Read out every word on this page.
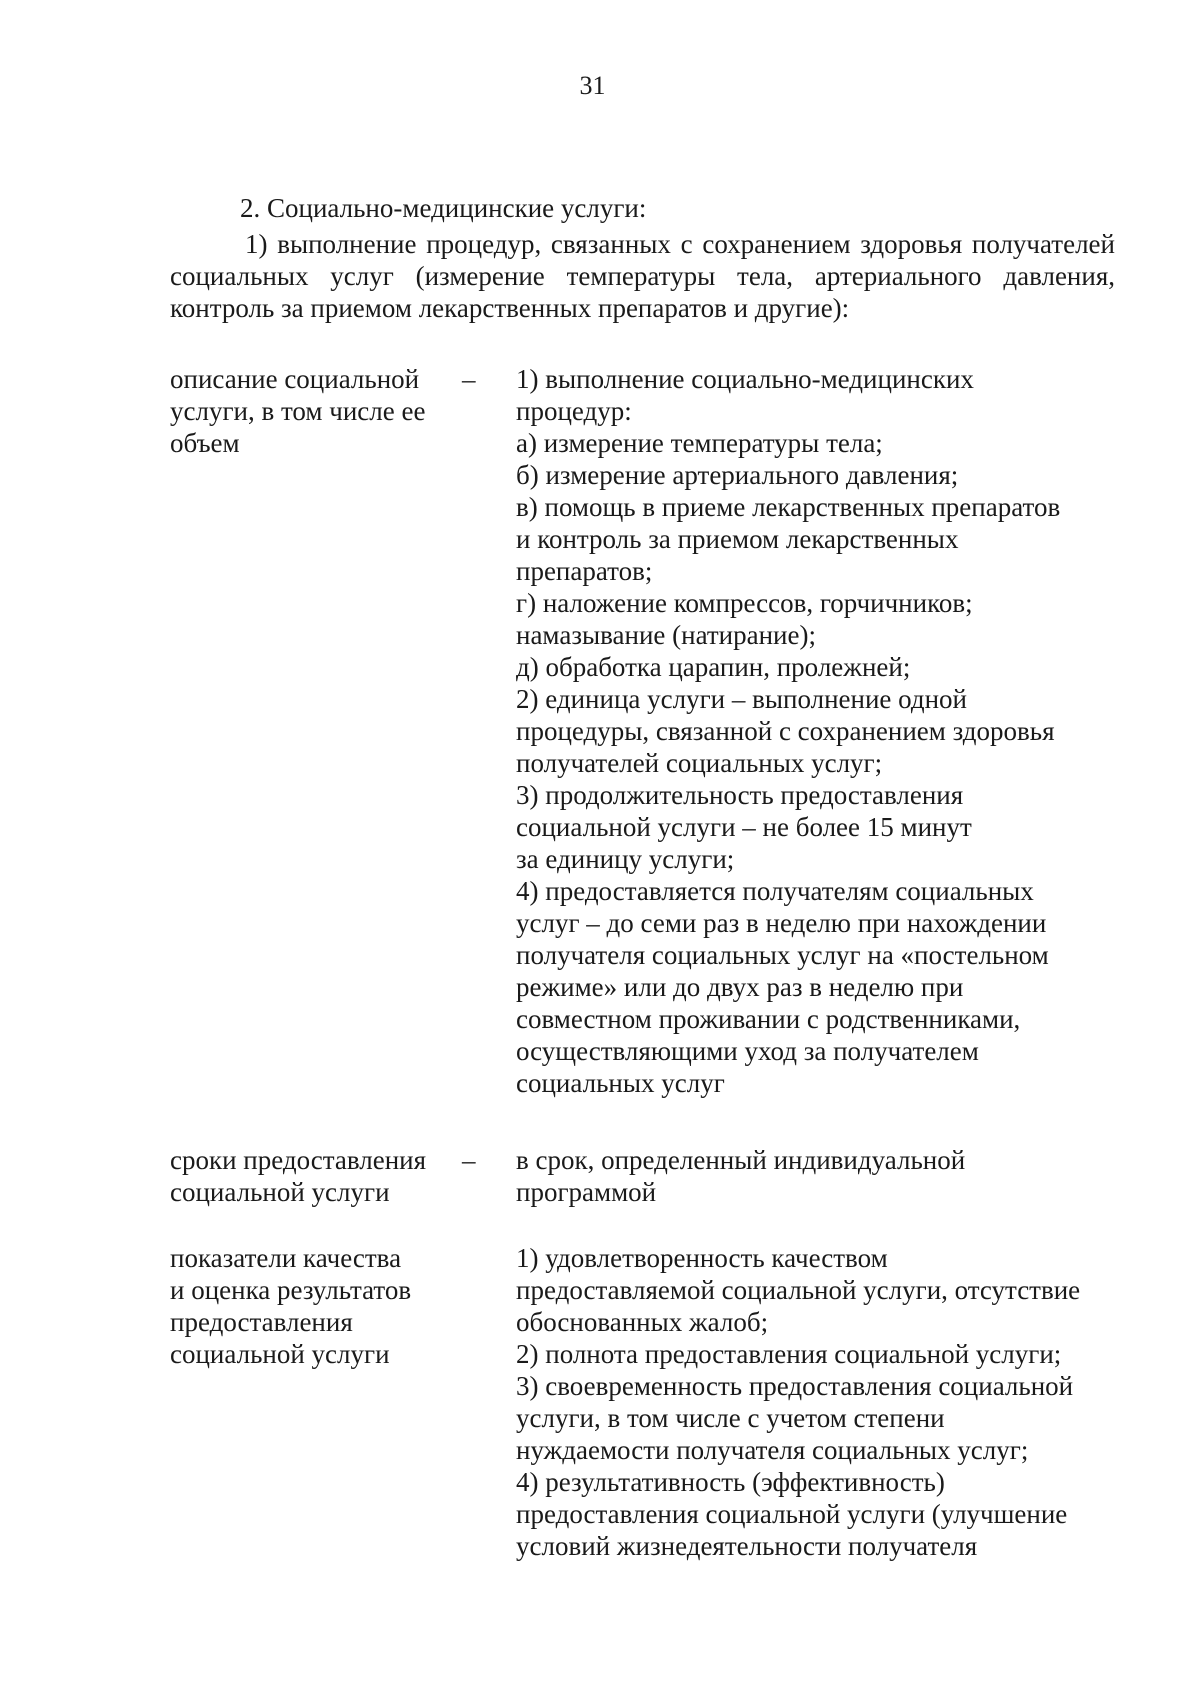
31
2. Социально-медицинские услуги:
1) выполнение процедур, связанных с сохранением здоровья получателей
социальных услуг (измерение температуры тела, артериального давления,
контроль за приемом лекарственных препаратов и другие):
описание социальной
услуги, в том числе ее
объем
– 1) выполнение социально-медицинских
процедур:
а) измерение температуры тела;
б) измерение артериального давления;
в) помощь в приеме лекарственных препаратов
и контроль за приемом лекарственных
препаратов;
г) наложение компрессов, горчичников;
намазывание (натирание);
д) обработка царапин, пролежней;
2) единица услуги – выполнение одной
процедуры, связанной с сохранением здоровья
получателей социальных услуг;
3) продолжительность предоставления
социальной услуги – не более 15 минут
за единицу услуги;
4) предоставляется получателям социальных
услуг – до семи раз в неделю при нахождении
получателя социальных услуг на «постельном
режиме» или до двух раз в неделю при
совместном проживании с родственниками,
осуществляющими уход за получателем
социальных услуг
сроки предоставления
социальной услуги
– в срок, определенный индивидуальной
программой
показатели качества
и оценка результатов
предоставления
социальной услуги
1) удовлетворенность качеством
предоставляемой социальной услуги, отсутствие
обоснованных жалоб;
2) полнота предоставления социальной услуги;
3) своевременность предоставления социальной
услуги, в том числе с учетом степени
нуждаемости получателя социальных услуг;
4) результативность (эффективность)
предоставления социальной услуги (улучшение
условий жизнедеятельности получателя
